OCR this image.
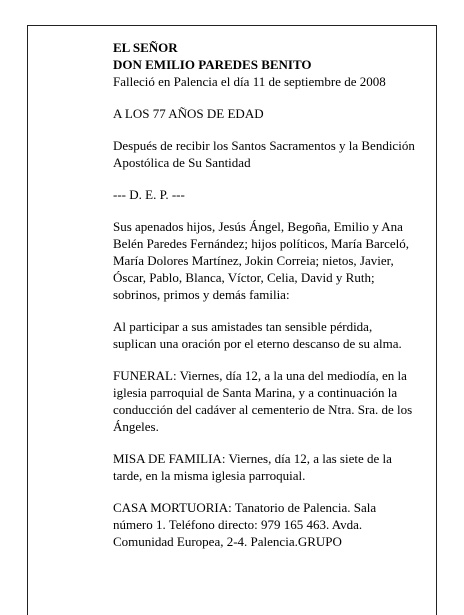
EL SEÑOR
DON EMILIO PAREDES BENITO
Falleció en Palencia el día 11 de septiembre de 2008

A LOS 77 AÑOS DE EDAD

Después de recibir los Santos Sacramentos y la Bendición Apostólica de Su Santidad

--- D. E. P. ---

Sus apenados hijos, Jesús Ángel, Begoña, Emilio y Ana Belén Paredes Fernández; hijos políticos, María Barceló, María Dolores Martínez, Jokin Correia; nietos, Javier, Óscar, Pablo, Blanca, Víctor, Celia, David y Ruth; sobrinos, primos y demás familia:

Al participar a sus amistades tan sensible pérdida, suplican una oración por el eterno descanso de su alma.

FUNERAL: Viernes, día 12, a la una del mediodía, en la iglesia parroquial de Santa Marina, y a continuación la conducción del cadáver al cementerio de Ntra. Sra. de los Ángeles.

MISA DE FAMILIA: Viernes, día 12, a las siete de la tarde, en la misma iglesia parroquial.

CASA MORTUORIA: Tanatorio de Palencia. Sala número 1. Teléfono directo: 979 165 463. Avda. Comunidad Europea, 2-4. Palencia.GRUPO
